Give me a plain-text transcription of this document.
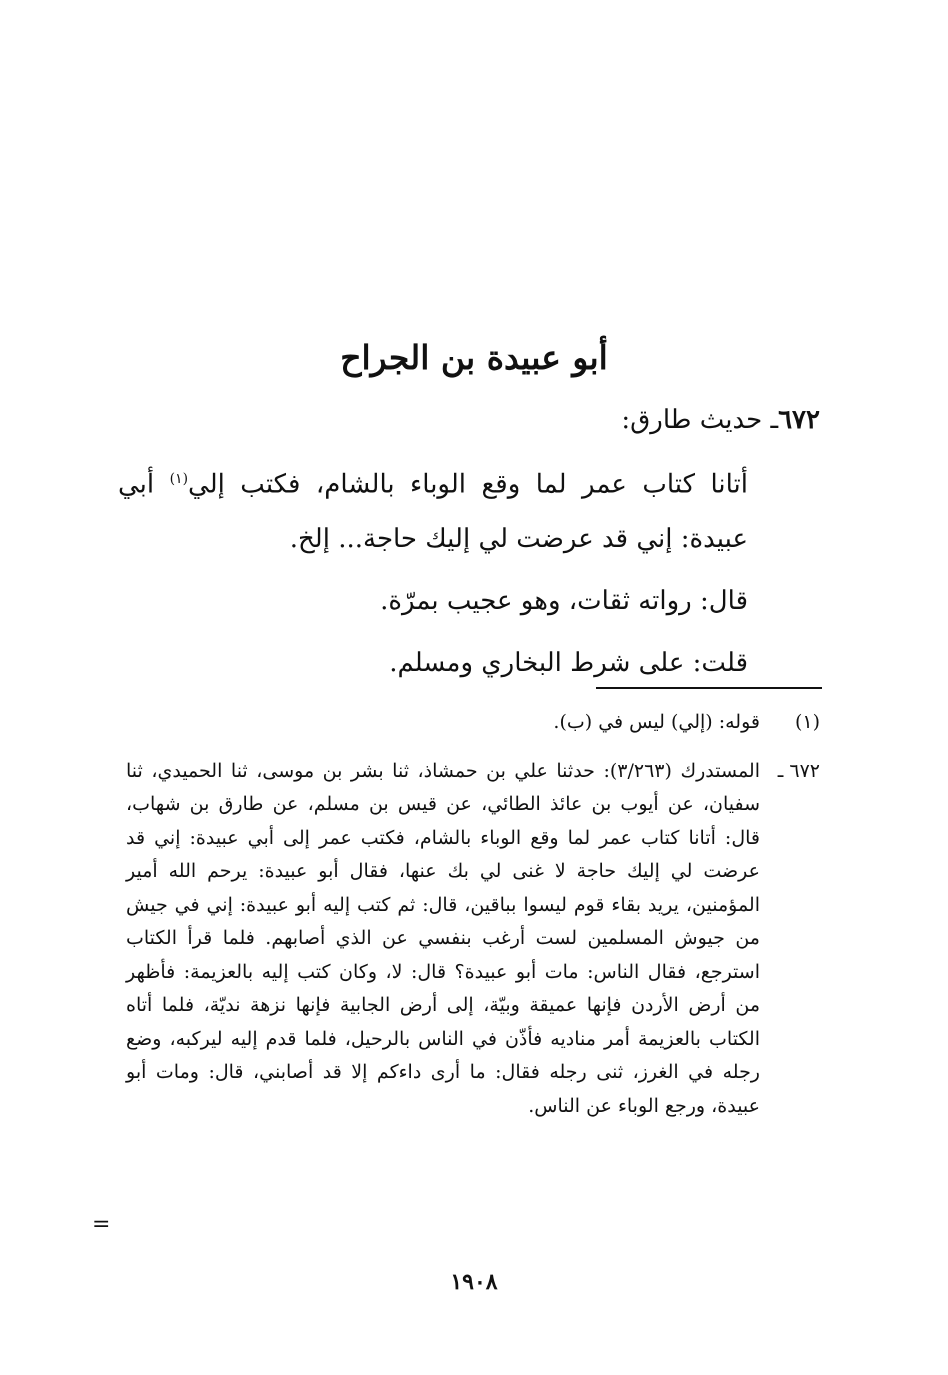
أبو عبيدة بن الجراح
٦٧٢ـ حديث طارق:

أتانا كتاب عمر لما وقع الوباء بالشام، فكتب إلي$^{(١)}$ أبي عبيدة: إني قد عرضت لي إليك حاجة... إلخ.

قال: رواته ثقات، وهو عجيب بمرّة.

قلت: على شرط البخاري ومسلم.

(١)
قوله: (إلي) ليس في (ب).
٦٧٢ ـ
المستدرك (٣/٢٦٣): حدثنا علي بن حمشاذ، ثنا بشر بن موسى، ثنا الحميدي، ثنا سفيان، عن أيوب بن عائذ الطائي، عن قيس بن مسلم، عن طارق بن شهاب، قال: أتانا كتاب عمر لما وقع الوباء بالشام، فكتب عمر إلى أبي عبيدة: إني قد عرضت لي إليك حاجة لا غنى لي بك عنها، فقال أبو عبيدة: يرحم الله أمير المؤمنين، يريد بقاء قوم ليسوا بباقين، قال: ثم كتب إليه أبو عبيدة: إني في جيش من جيوش المسلمين لست أرغب بنفسي عن الذي أصابهم. فلما قرأ الكتاب استرجع، فقال الناس: مات أبو عبيدة؟ قال: لا، وكان كتب إليه بالعزيمة: فأظهر من أرض الأردن فإنها عميقة وبيّة، إلى أرض الجابية فإنها نزهة نديّة، فلما أتاه الكتاب بالعزيمة أمر مناديه فأذّن في الناس بالرحيل، فلما قدم إليه ليركبه، وضع رجله في الغرز، ثنى رجله فقال: ما أرى داءكم إلا قد أصابني، قال: ومات أبو عبيدة، ورجع الوباء عن الناس.
=
١٩٠٨
